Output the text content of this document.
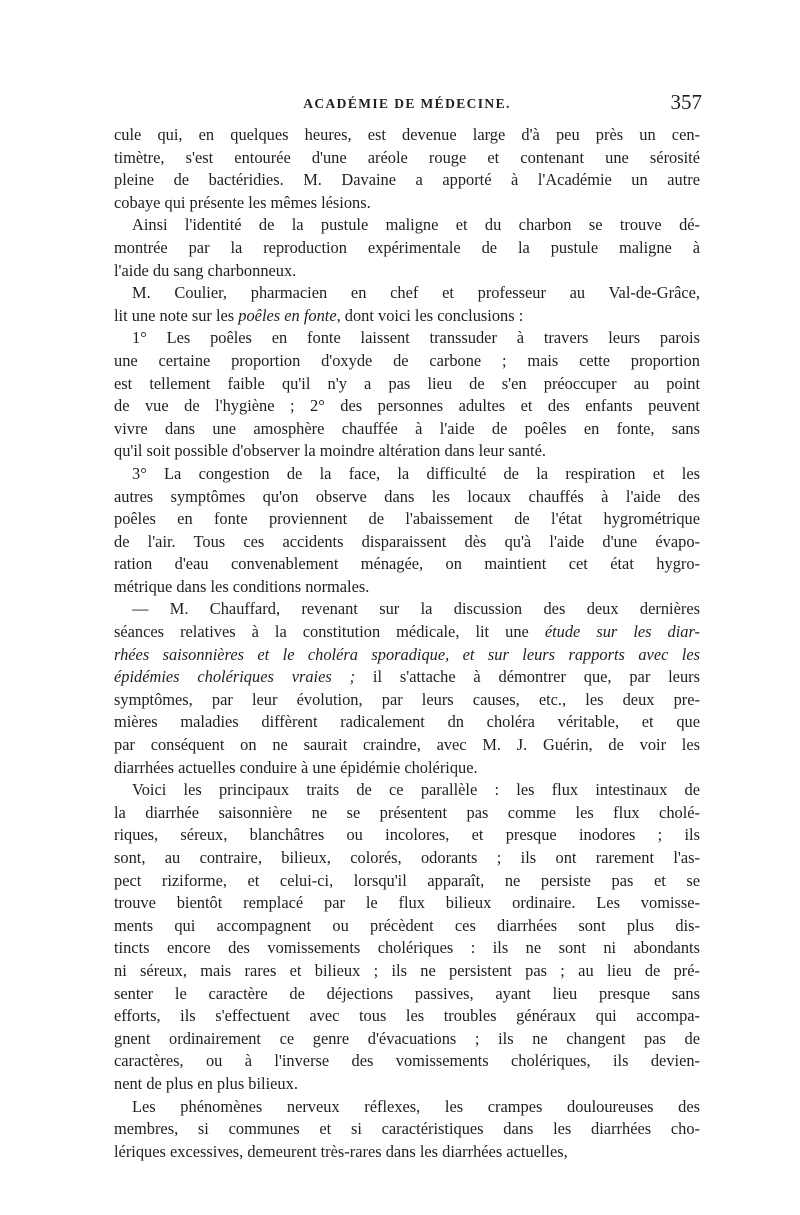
ACADÉMIE DE MÉDECINE.	357
cule qui, en quelques heures, est devenue large d'à peu près un cen-
timètre, s'est entourée d'une aréole rouge et contenant une sérosité
pleine de bactéridies. M. Davaine a apporté à l'Académie un autre
cobaye qui présente les mêmes lésions.
Ainsi l'identité de la pustule maligne et du charbon se trouve dé-
montrée par la reproduction expérimentale de la pustule maligne à
l'aide du sang charbonneux.
M. Coulier, pharmacien en chef et professeur au Val-de-Grâce,
lit une note sur les poêles en fonte, dont voici les conclusions :
1° Les poêles en fonte laissent transsuder à travers leurs parois
une certaine proportion d'oxyde de carbone ; mais cette proportion
est tellement faible qu'il n'y a pas lieu de s'en préoccuper au point
de vue de l'hygiène ; 2° des personnes adultes et des enfants peuvent
vivre dans une amosphère chauffée à l'aide de poêles en fonte, sans
qu'il soit possible d'observer la moindre altération dans leur santé.
3° La congestion de la face, la difficulté de la respiration et les
autres symptômes qu'on observe dans les locaux chauffés à l'aide des
poêles en fonte proviennent de l'abaissement de l'état hygrométrique
de l'air. Tous ces accidents disparaissent dès qu'à l'aide d'une évapo-
ration d'eau convenablement ménagée, on maintient cet état hygro-
métrique dans les conditions normales.
— M. Chauffard, revenant sur la discussion des deux dernières
séances relatives à la constitution médicale, lit une étude sur les diar-
rhées saisonnières et le choléra sporadique, et sur leurs rapports avec les
épidémies cholériques vraies ; il s'attache à démontrer que, par leurs
symptômes, par leur évolution, par leurs causes, etc., les deux pre-
mières maladies diffèrent radicalement dn choléra véritable, et que
par conséquent on ne saurait craindre, avec M. J. Guérin, de voir les
diarrhées actuelles conduire à une épidémie cholérique.
Voici les principaux traits de ce parallèle : les flux intestinaux de
la diarrhée saisonnière ne se présentent pas comme les flux cholé-
riques, séreux, blanchâtres ou incolores, et presque inodores ; ils
sont, au contraire, bilieux, colorés, odorants ; ils ont rarement l'as-
pect riziforme, et celui-ci, lorsqu'il apparaît, ne persiste pas et se
trouve bientôt remplacé par le flux bilieux ordinaire. Les vomisse-
ments qui accompagnent ou précèdent ces diarrhées sont plus dis-
tincts encore des vomissements cholériques : ils ne sont ni abondants
ni séreux, mais rares et bilieux ; ils ne persistent pas ; au lieu de pré-
senter le caractère de déjections passives, ayant lieu presque sans
efforts, ils s'effectuent avec tous les troubles généraux qui accompa-
gnent ordinairement ce genre d'évacuations ; ils ne changent pas de
caractères, ou à l'inverse des vomissements cholériques, ils devien-
nent de plus en plus bilieux.
Les phénomènes nerveux réflexes, les crampes douloureuses des
membres, si communes et si caractéristiques dans les diarrhées cho-
lériques excessives, demeurent très-rares dans les diarrhées actuelles,
